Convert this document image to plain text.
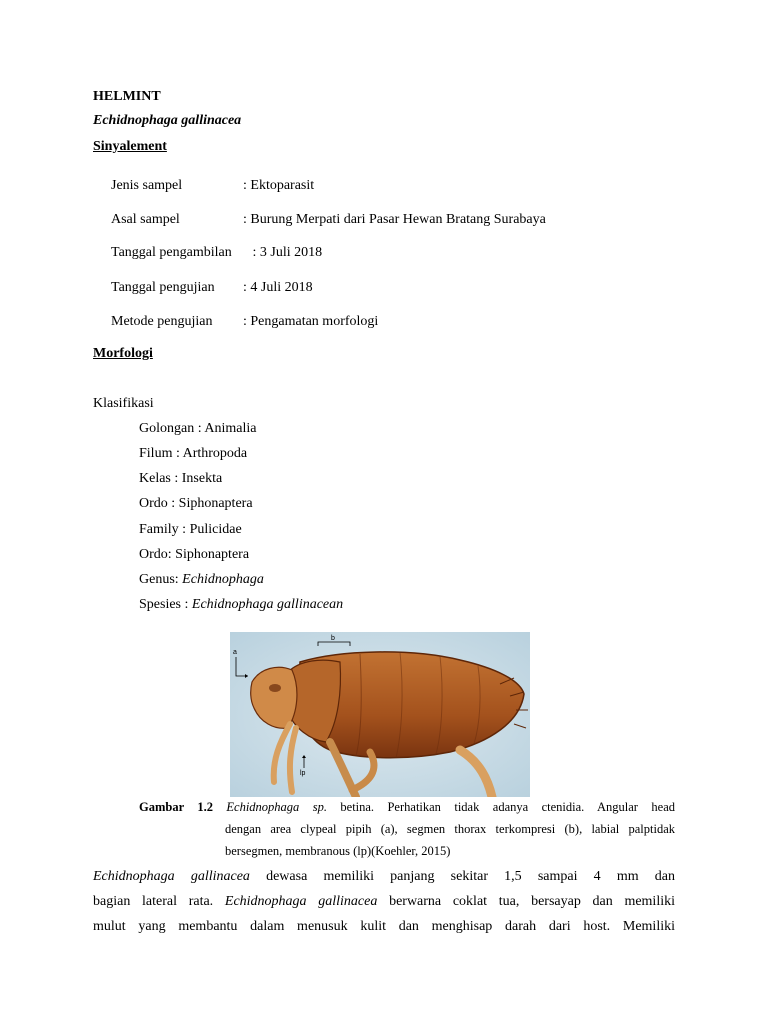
HELMINT
Echidnophaga gallinacea
Sinyalement
Jenis sampel	: Ektoparasit
Asal sampel	: Burung Merpati dari Pasar Hewan Bratang Surabaya
Tanggal pengambilan : 3 Juli 2018
Tanggal pengujian : 4 Juli 2018
Metode pengujian : Pengamatan morfologi
Morfologi
Klasifikasi
Golongan : Animalia
Filum : Arthropoda
Kelas : Insekta
Ordo : Siphonaptera
Family : Pulicidae
Ordo: Siphonaptera
Genus: Echidnophaga
Spesies : Echidnophaga gallinacean
a
b
lp
Gambar 1.2 Echidnophaga sp. betina. Perhatikan tidak adanya ctenidia. Angular head
dengan area clypeal pipih (a), segmen thorax terkompresi (b), labial palptidak
bersegmen, membranous (lp)(Koehler, 2015)
Echidnophaga gallinacea dewasa memiliki panjang sekitar 1,5 sampai 4 mm dan
bagian lateral rata. Echidnophaga gallinacea berwarna coklat tua, bersayap dan memiliki
mulut yang membantu dalam menusuk kulit dan menghisap darah dari host. Memiliki
